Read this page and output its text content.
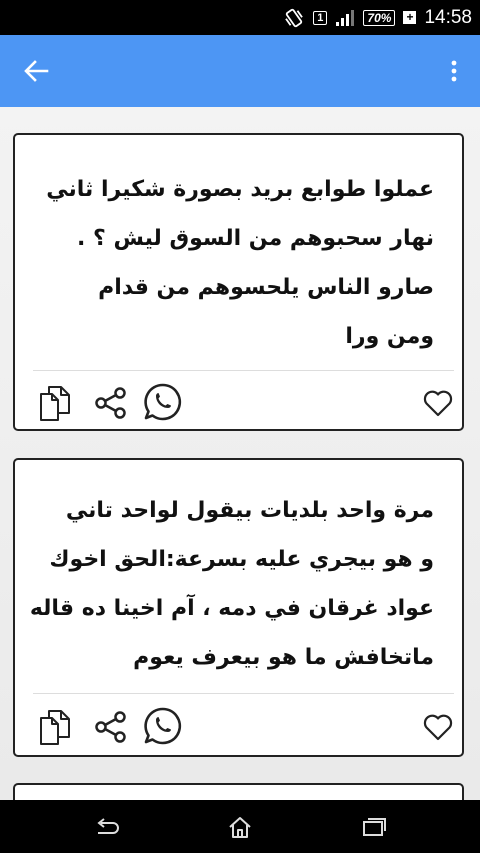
1	70% + 14:58
عملوا طوابع بريد بصورة شكيرا ثاني
نهار سحبوهم من السوق ليش ؟ .
صارو الناس يلحسوهم من قدام
ومن ورا
مرة واحد بلديات بيقول لواحد تاني
و هو بيجري عليه بسرعة:الحق اخوك
عواد غرقان في دمه ، آم اخينا ده قاله
ماتخافش ما هو بيعرف يعوم
